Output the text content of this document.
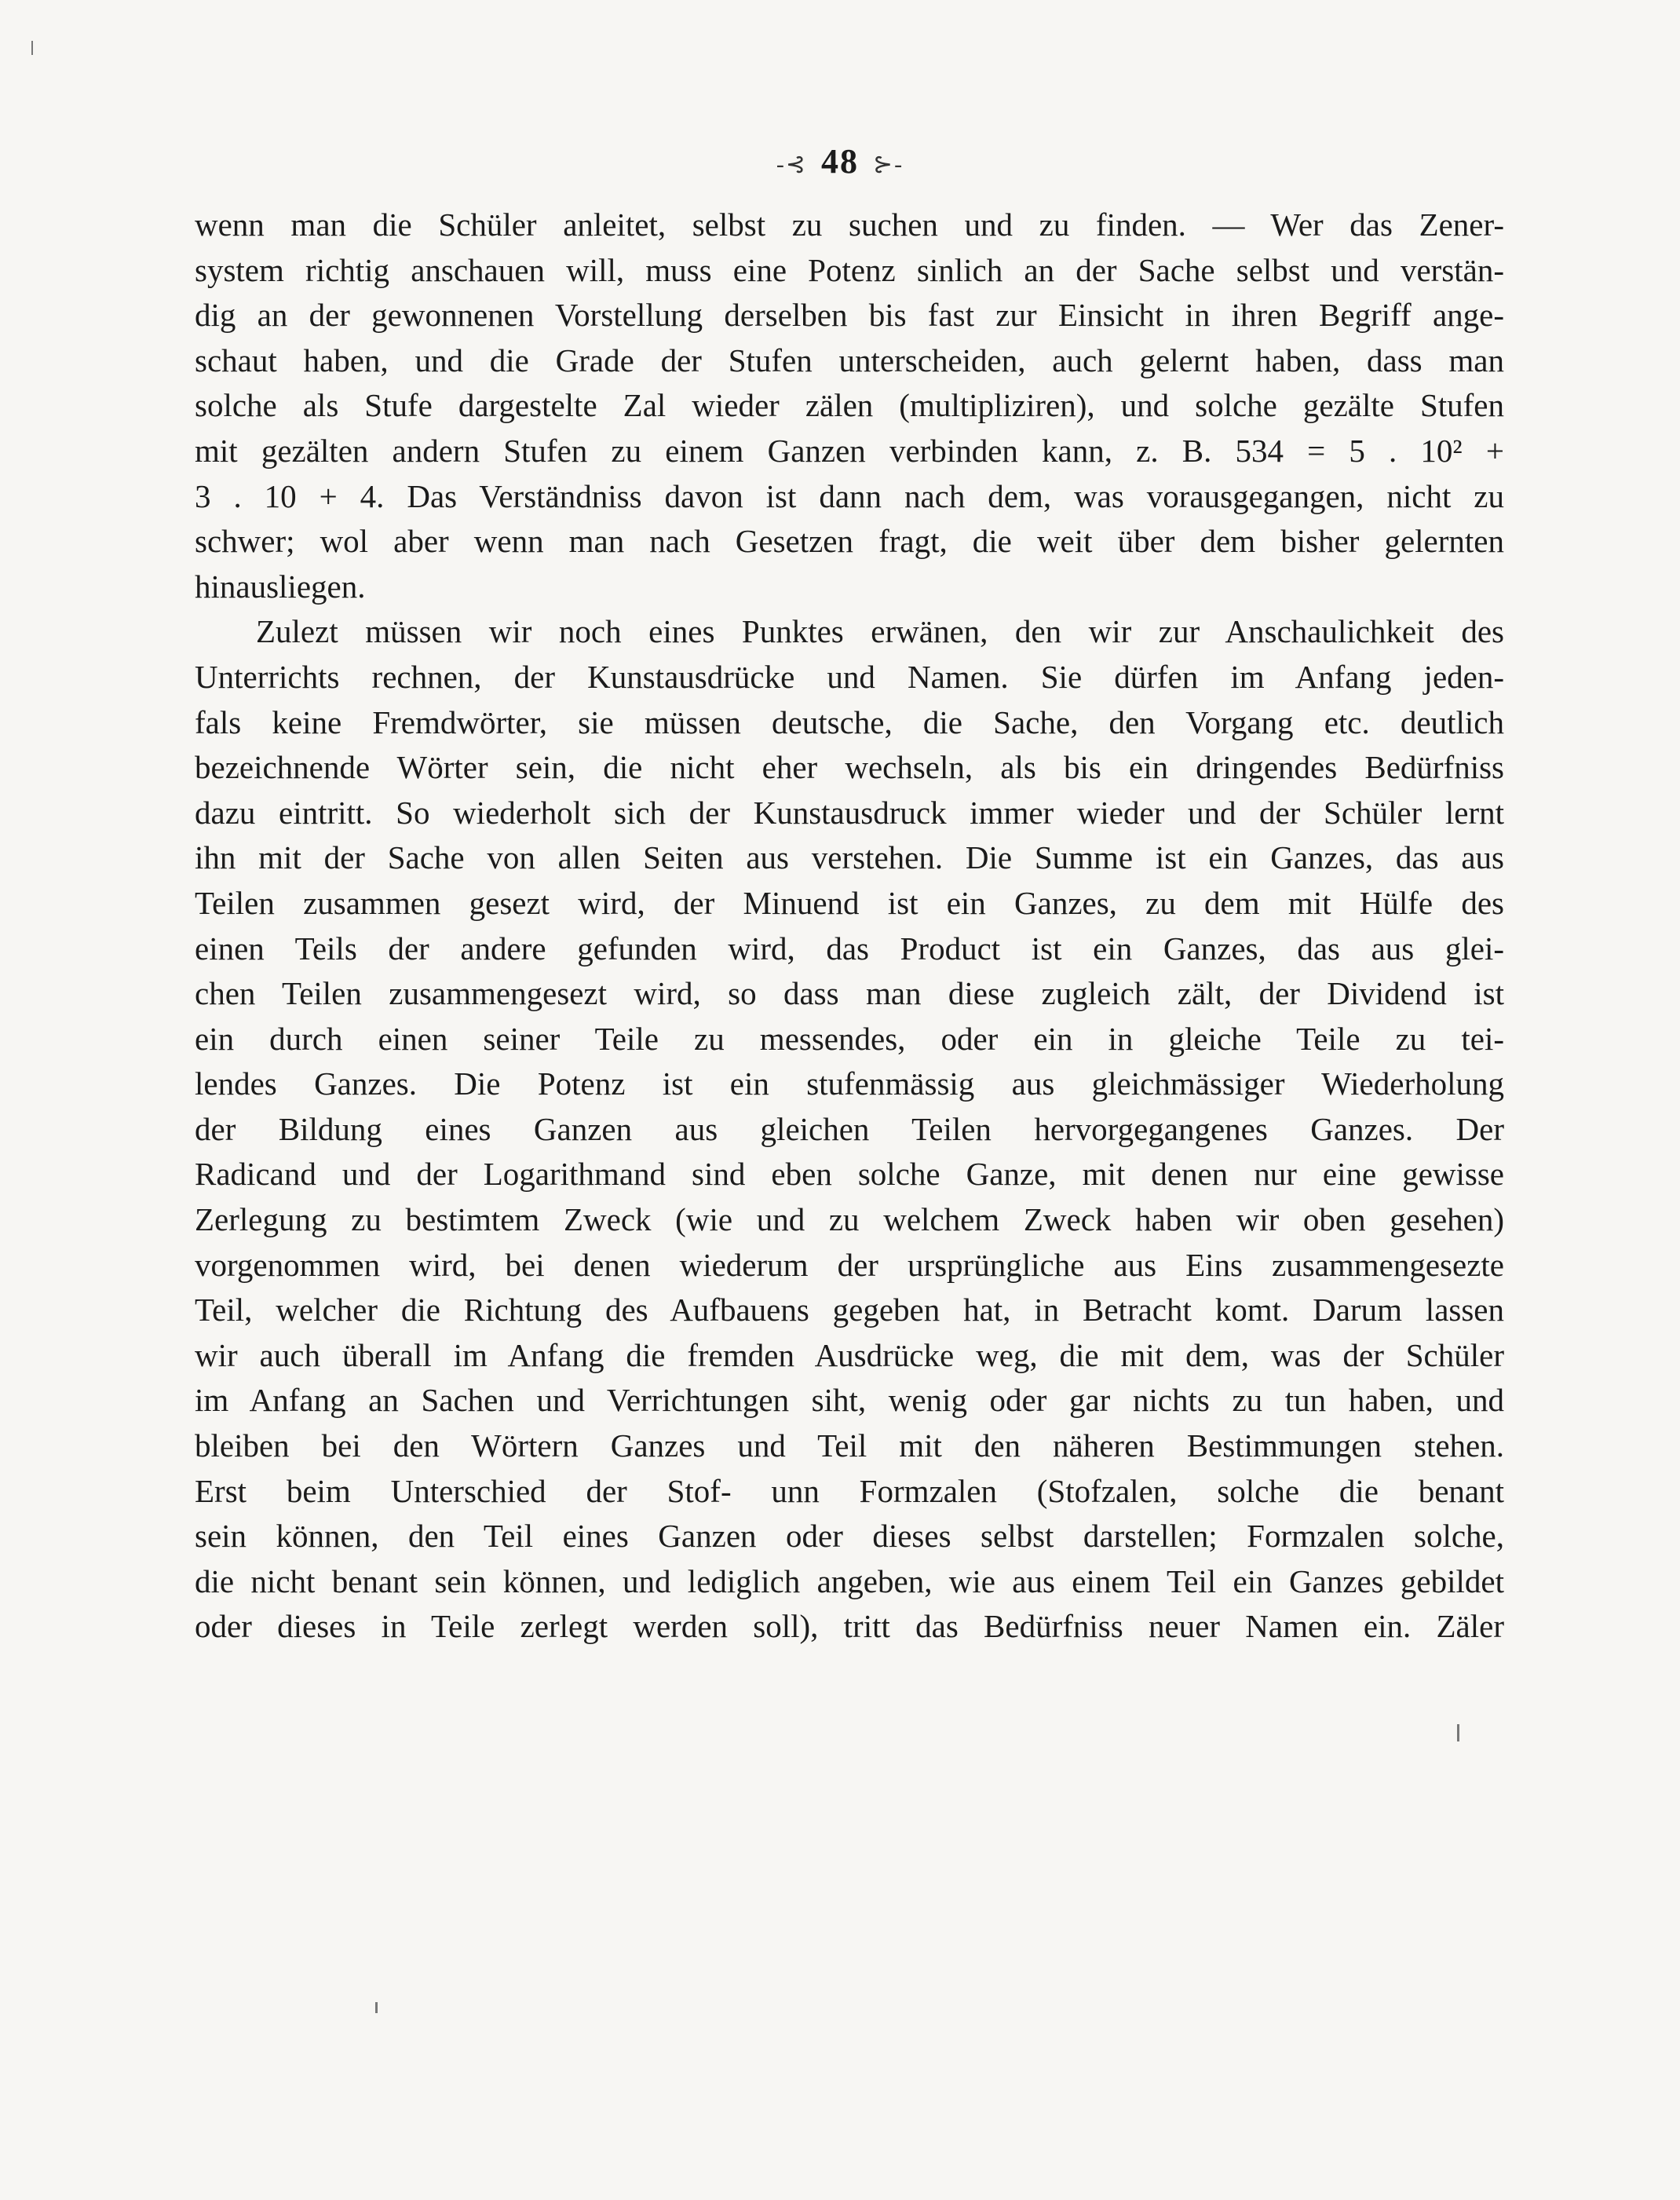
-⊰ 48 ⊱-
wenn man die Schüler anleitet, selbst zu suchen und zu finden. — Wer das Zener-
system richtig anschauen will, muss eine Potenz sinlich an der Sache selbst und verstän-
dig an der gewonnenen Vorstellung derselben bis fast zur Einsicht in ihren Begriff ange-
schaut haben, und die Grade der Stufen unterscheiden, auch gelernt haben, dass man
solche als Stufe dargestelte Zal wieder zälen (multipliziren), und solche gezälte Stufen
mit gezälten andern Stufen zu einem Ganzen verbinden kann, z. B. 534 = 5 . 10² +
3 . 10 + 4. Das Verständniss davon ist dann nach dem, was vorausgegangen, nicht zu
schwer; wol aber wenn man nach Gesetzen fragt, die weit über dem bisher gelernten
hinausliegen.
Zulezt müssen wir noch eines Punktes erwänen, den wir zur Anschaulichkeit des
Unterrichts rechnen, der Kunstausdrücke und Namen. Sie dürfen im Anfang jeden-
fals keine Fremdwörter, sie müssen deutsche, die Sache, den Vorgang etc. deutlich
bezeichnende Wörter sein, die nicht eher wechseln, als bis ein dringendes Bedürfniss
dazu eintritt. So wiederholt sich der Kunstausdruck immer wieder und der Schüler lernt
ihn mit der Sache von allen Seiten aus verstehen. Die Summe ist ein Ganzes, das aus
Teilen zusammen gesezt wird, der Minuend ist ein Ganzes, zu dem mit Hülfe des
einen Teils der andere gefunden wird, das Product ist ein Ganzes, das aus glei-
chen Teilen zusammengesezt wird, so dass man diese zugleich zält, der Dividend ist
ein durch einen seiner Teile zu messendes, oder ein in gleiche Teile zu tei-
lendes Ganzes. Die Potenz ist ein stufenmässig aus gleichmässiger Wiederholung
der Bildung eines Ganzen aus gleichen Teilen hervorgegangenes Ganzes. Der
Radicand und der Logarithmand sind eben solche Ganze, mit denen nur eine gewisse
Zerlegung zu bestimtem Zweck (wie und zu welchem Zweck haben wir oben gesehen)
vorgenommen wird, bei denen wiederum der ursprüngliche aus Eins zusammengesezte
Teil, welcher die Richtung des Aufbauens gegeben hat, in Betracht komt. Darum lassen
wir auch überall im Anfang die fremden Ausdrücke weg, die mit dem, was der Schüler
im Anfang an Sachen und Verrichtungen siht, wenig oder gar nichts zu tun haben, und
bleiben bei den Wörtern Ganzes und Teil mit den näheren Bestimmungen stehen.
Erst beim Unterschied der Stof- unn Formzalen (Stofzalen, solche die benant
sein können, den Teil eines Ganzen oder dieses selbst darstellen; Formzalen solche,
die nicht benant sein können, und lediglich angeben, wie aus einem Teil ein Ganzes gebildet
oder dieses in Teile zerlegt werden soll), tritt das Bedürfniss neuer Namen ein. Zäler
